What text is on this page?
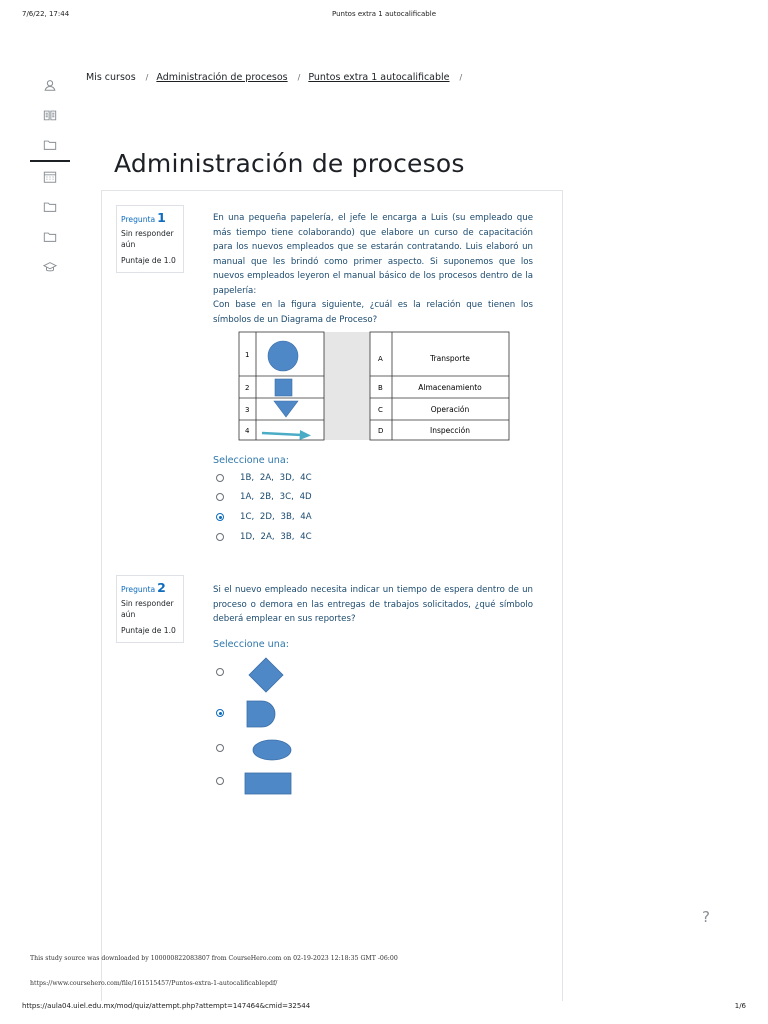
7/6/22, 17:44	Puntos extra 1 autocalificable
Mis cursos / Administración de procesos / Puntos extra 1 autocalificable /
Administración de procesos
Pregunta 1
Sin responder aún
Puntaje de 1.0
En una pequeña papelería, el jefe le encarga a Luis (su empleado que más tiempo tiene colaborando) que elabore un curso de capacitación para los nuevos empleados que se estarán contratando. Luis elaboró un manual que les brindó como primer aspecto. Si suponemos que los nuevos empleados leyeron el manual básico de los procesos dentro de la papelería:
Con base en la figura siguiente, ¿cuál es la relación que tienen los símbolos de un Diagrama de Proceso?
1
2
3
4
A
B
C
D
Transporte
Almacenamiento
Operación
Inspección
Seleccione una:
1B, 2A, 3D, 4C
1A, 2B, 3C, 4D
1C, 2D, 3B, 4A
1D, 2A, 3B, 4C
Pregunta 2
Sin responder aún
Puntaje de 1.0
Si el nuevo empleado necesita indicar un tiempo de espera dentro de un proceso o demora en las entregas de trabajos solicitados, ¿qué símbolo deberá emplear en sus reportes?
Seleccione una:
?
This study source was downloaded by 100000822083807 from CourseHero.com on 02-19-2023 12:18:35 GMT -06:00
https://www.coursehero.com/file/161515457/Puntos-extra-1-autocalificablepdf/
https://aula04.uiel.edu.mx/mod/quiz/attempt.php?attempt=147464&cmid=32544	1/6
